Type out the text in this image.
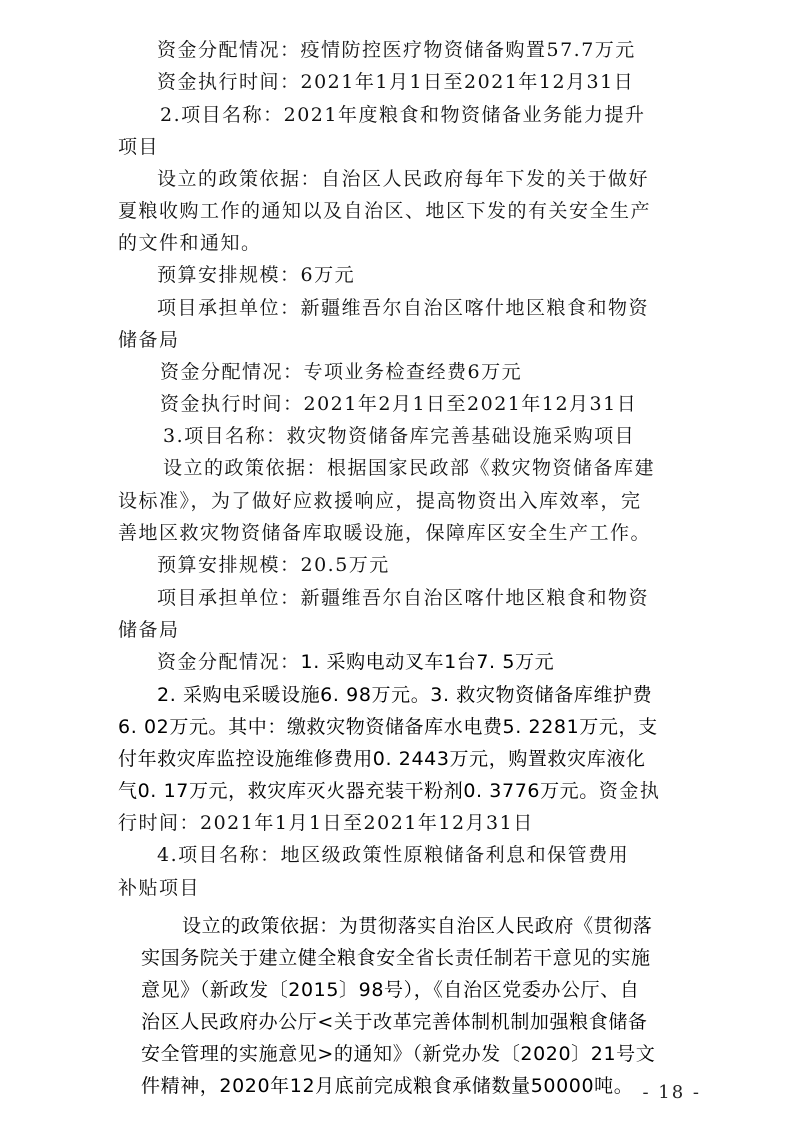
资金分配情况：疫情防控医疗物资储备购置57.7万元
资金执行时间：2021年1月1日至2021年12月31日
2.项目名称：2021年度粮食和物资储备业务能力提升
项目
设立的政策依据：自治区人民政府每年下发的关于做好
夏粮收购工作的通知以及自治区、地区下发的有关安全生产
的文件和通知。
预算安排规模：6万元
项目承担单位：新疆维吾尔自治区喀什地区粮食和物资
储备局
资金分配情况：专项业务检查经费6万元
资金执行时间：2021年2月1日至2021年12月31日
3.项目名称：救灾物资储备库完善基础设施采购项目
设立的政策依据：根据国家民政部《救灾物资储备库建
设标准》，为了做好应救援响应，提高物资出入库效率，完
善地区救灾物资储备库取暖设施，保障库区安全生产工作。
预算安排规模：20.5万元
项目承担单位：新疆维吾尔自治区喀什地区粮食和物资
储备局
资金分配情况：1. 采购电动叉车1台7. 5万元
2. 采购电采暖设施6. 98万元。3. 救灾物资储备库维护费
6. 02万元。其中：缴救灾物资储备库水电费5. 2281万元，支
付年救灾库监控设施维修费用0. 2443万元，购置救灾库液化
气0. 17万元，救灾库灭火器充装干粉剂0. 3776万元。资金执
行时间：2021年1月1日至2021年12月31日
4.项目名称：地区级政策性原粮储备利息和保管费用
补贴项目
设立的政策依据：为贯彻落实自治区人民政府《贯彻落
实国务院关于建立健全粮食安全省长责任制若干意见的实施
意见》（新政发〔2015〕98号），《自治区党委办公厅、自
治区人民政府办公厅<关于改革完善体制机制加强粮食储备
安全管理的实施意见>的通知》（新党办发〔2020〕21号文
件精神，2020年12月底前完成粮食承储数量50000吨。 - 18 -
